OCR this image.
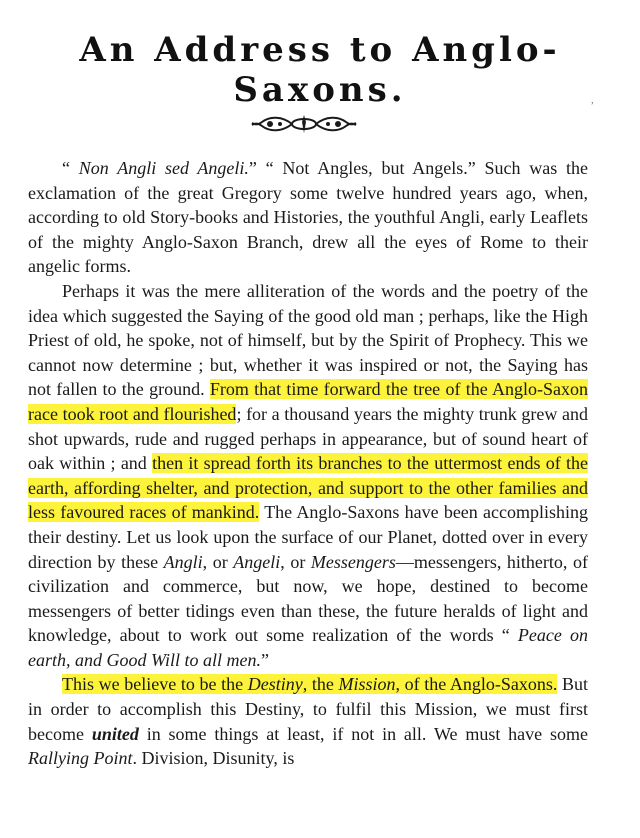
An Address to Anglo-Saxons.	,

“ Non Angli sed Angeli.” “ Not Angles, but Angels.” Such was the exclamation of the great Gregory some twelve hundred years ago, when, according to old Story-books and Histories, the youthful Angli, early Leaflets of the mighty Anglo-Saxon Branch, drew all the eyes of Rome to their angelic forms.

Perhaps it was the mere alliteration of the words and the poetry of the idea which suggested the Saying of the good old man ; perhaps, like the High Priest of old, he spoke, not of himself, but by the Spirit of Prophecy. This we cannot now determine ; but, whether it was inspired or not, the Saying has not fallen to the ground. From that time forward the tree of the Anglo-Saxon race took root and flourished; for a thousand years the mighty trunk grew and shot upwards, rude and rugged perhaps in appearance, but of sound heart of oak within ; and then it spread forth its branches to the uttermost ends of the earth, affording shelter, and protection, and support to the other families and less favoured races of mankind. The Anglo-Saxons have been accomplishing their destiny. Let us look upon the surface of our Planet, dotted over in every direction by these Angli, or Angeli, or Messengers—messengers, hitherto, of civilization and commerce, but now, we hope, destined to become messengers of better tidings even than these, the future heralds of light and knowledge, about to work out some realization of the words “ Peace on earth, and Good Will to all men.”

This we believe to be the Destiny, the Mission, of the Anglo-Saxons. But in order to accomplish this Destiny, to fulfil this Mission, we must first become united in some things at least, if not in all. We must have some Rallying Point. Division, Disunity, is
